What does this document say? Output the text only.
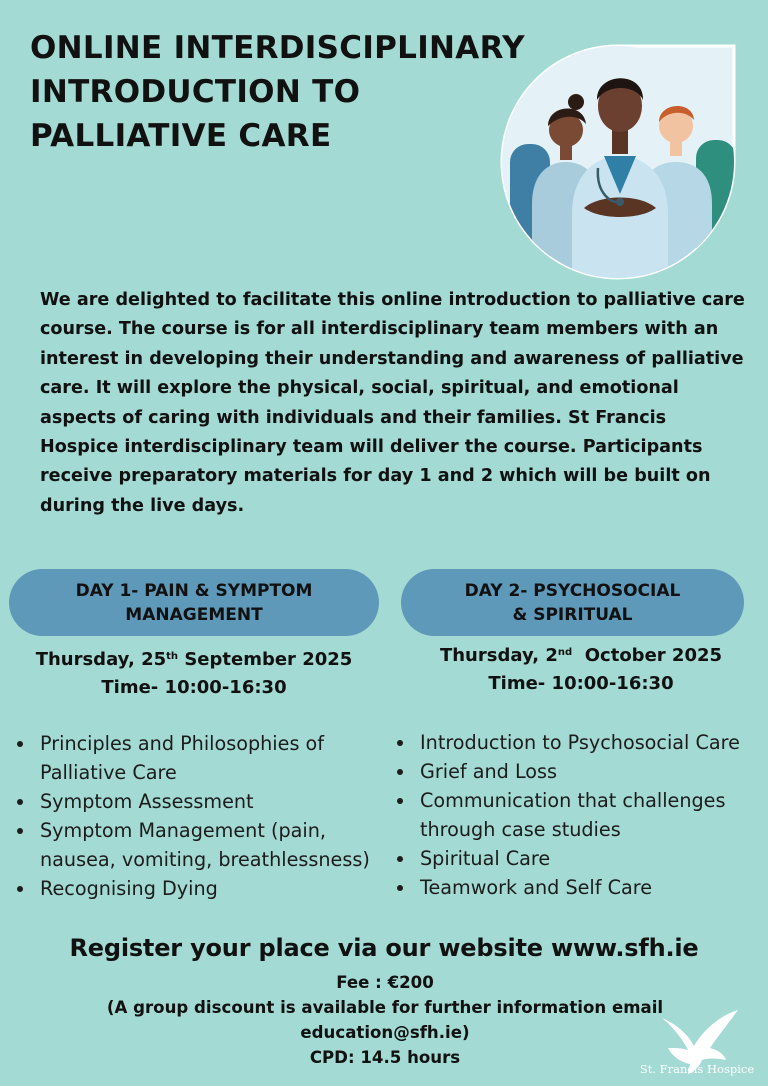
ONLINE INTERDISCIPLINARY
INTRODUCTION TO
PALLIATIVE CARE

We are delighted to facilitate this online introduction to palliative care course. The course is for all interdisciplinary team members with an interest in developing their understanding and awareness of palliative care. It will explore the physical, social, spiritual, and emotional aspects of caring with individuals and their families. St Francis Hospice interdisciplinary team will deliver the course. Participants receive preparatory materials for day 1 and 2 which will be built on during the live days.

DAY 1- PAIN & SYMPTOM
MANAGEMENT
DAY 2- PSYCHOSOCIAL
& SPIRITUAL
Thursday, 25th September 2025
Time- 10:00-16:30
Thursday, 2nd  October 2025
Time- 10:00-16:30
Principles and Philosophies of Palliative Care
Symptom Assessment
Symptom Management (pain, nausea, vomiting, breathlessness)
Recognising Dying
Introduction to Psychosocial Care
Grief and Loss
Communication that challenges through case studies
Spiritual Care
Teamwork and Self Care
Register your place via our website www.sfh.ie
Fee : €200
(A group discount is available for further information email
education@sfh.ie)
CPD: 14.5 hours
St. Francis Hospice
